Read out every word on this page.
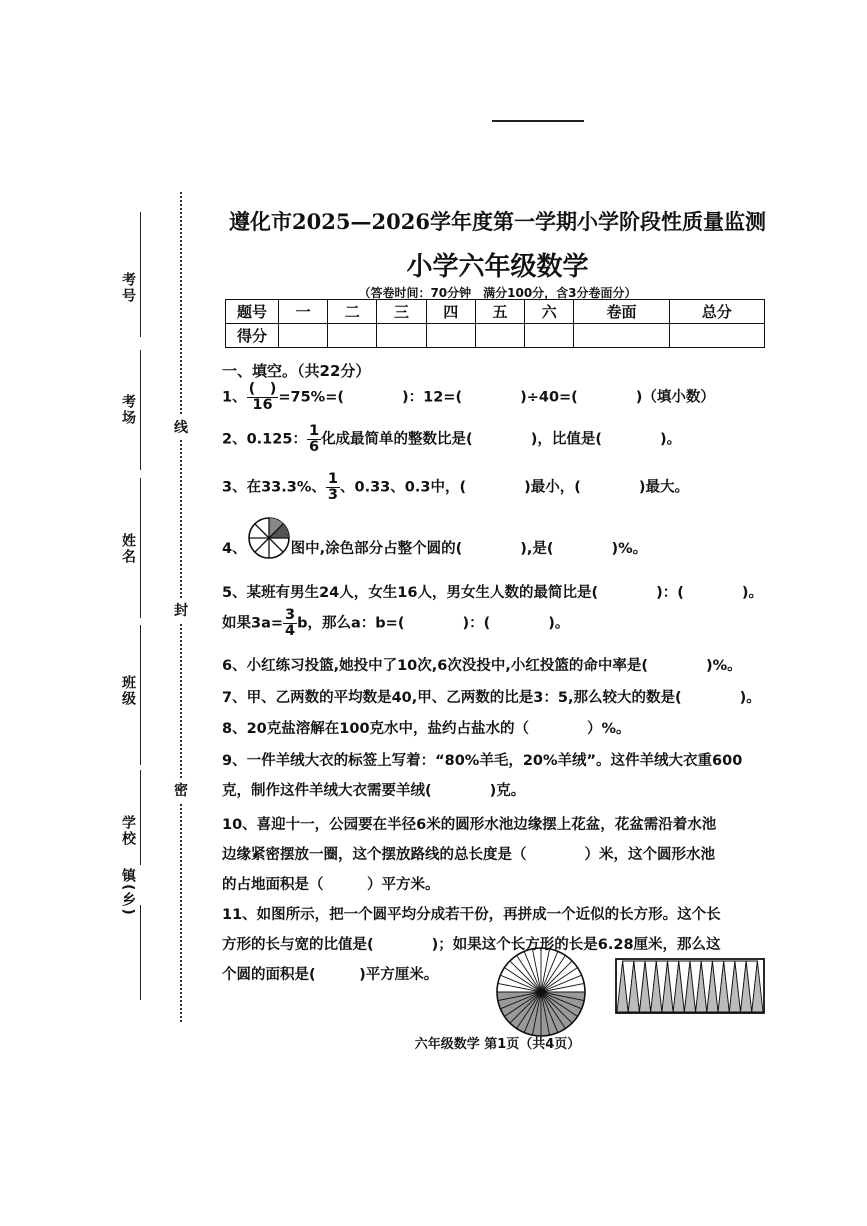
考号
考场
姓名
班级
学校
镇(乡)
线
封
密
遵化市2025—2026学年度第一学期小学阶段性质量监测
小学六年级数学
（答卷时间：70分钟　满分100分，含3分卷面分）
题号	一	二	三	四	五	六	卷面	总分
得分								
一、填空。（共22分）
1、 $\frac{( )}{16} =75\%=$(　　　　)：12=(　　　　)÷40=(　　　　)（填小数）
2、0.125： $\frac{1}{6}$ 化成最简单的整数比是(　　　　)，比值是(　　　　)。
3、在33.3%、 $\frac{1}{3}$ 、0.33、0.3中，(　　　　)最小，(　　　　)最大。
4、	图中,涂色部分占整个圆的(　　　　),是(　　　　)%。
5、某班有男生24人，女生16人，男女生人数的最简比是(　　　　)：(　　　　)。
如果$3a= \frac{3}{4}$ b，那么a：b=(　　　　)：(　　　　)。
6、小红练习投篮,她投中了10次,6次没投中,小红投篮的命中率是(　　　　)%。
7、甲、乙两数的平均数是40,甲、乙两数的比是3：5,那么较大的数是(　　　　)。
8、20克盐溶解在100克水中，盐约占盐水的（　　　　）%。
9、一件羊绒大衣的标签上写着：“80%羊毛，20%羊绒”。这件羊绒大衣重600
克，制作这件羊绒大衣需要羊绒(　　　　)克。
10、喜迎十一，公园要在半径6米的圆形水池边缘摆上花盆，花盆需沿着水池
边缘紧密摆放一圈，这个摆放路线的总长度是（　　　　）米，这个圆形水池
的占地面积是（　　　）平方米。
11、如图所示，把一个圆平均分成若干份，再拼成一个近似的长方形。这个长
方形的长与宽的比值是(　　　　)；如果这个长方形的长是6.28厘米，那么这
个圆的面积是(　　　)平方厘米。
六年级数学 第1页（共4页）
